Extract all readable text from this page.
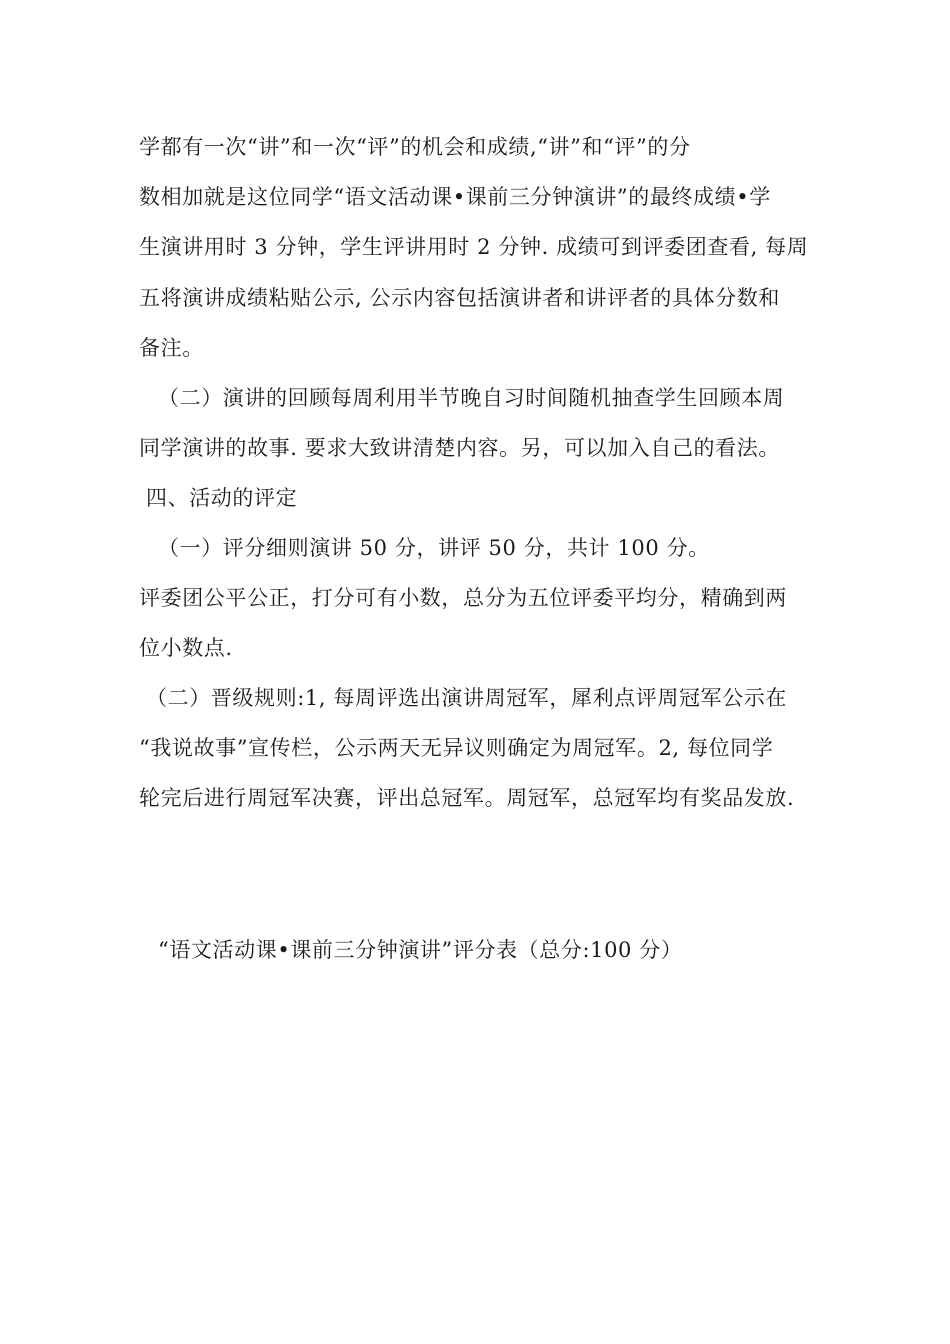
学都有一次“讲”和一次“评”的机会和成绩,“讲”和“评”的分
数相加就是这位同学“语文活动课•课前三分钟演讲”的最终成绩•学
生演讲用时 3 分钟，学生评讲用时 2 分钟. 成绩可到评委团查看, 每周
五将演讲成绩粘贴公示, 公示内容包括演讲者和讲评者的具体分数和
备注。
（二）演讲的回顾每周利用半节晚自习时间随机抽查学生回顾本周
同学演讲的故事. 要求大致讲清楚内容。另，可以加入自己的看法。
四、活动的评定
（一）评分细则演讲 50 分，讲评 50 分，共计 100 分。
评委团公平公正，打分可有小数，总分为五位评委平均分，精确到两
位小数点.
（二）晋级规则:1, 每周评选出演讲周冠军，犀利点评周冠军公示在
“我说故事”宣传栏，公示两天无异议则确定为周冠军。2, 每位同学
轮完后进行周冠军决赛，评出总冠军。周冠军，总冠军均有奖品发放.
“语文活动课•课前三分钟演讲”评分表（总分:100 分）
